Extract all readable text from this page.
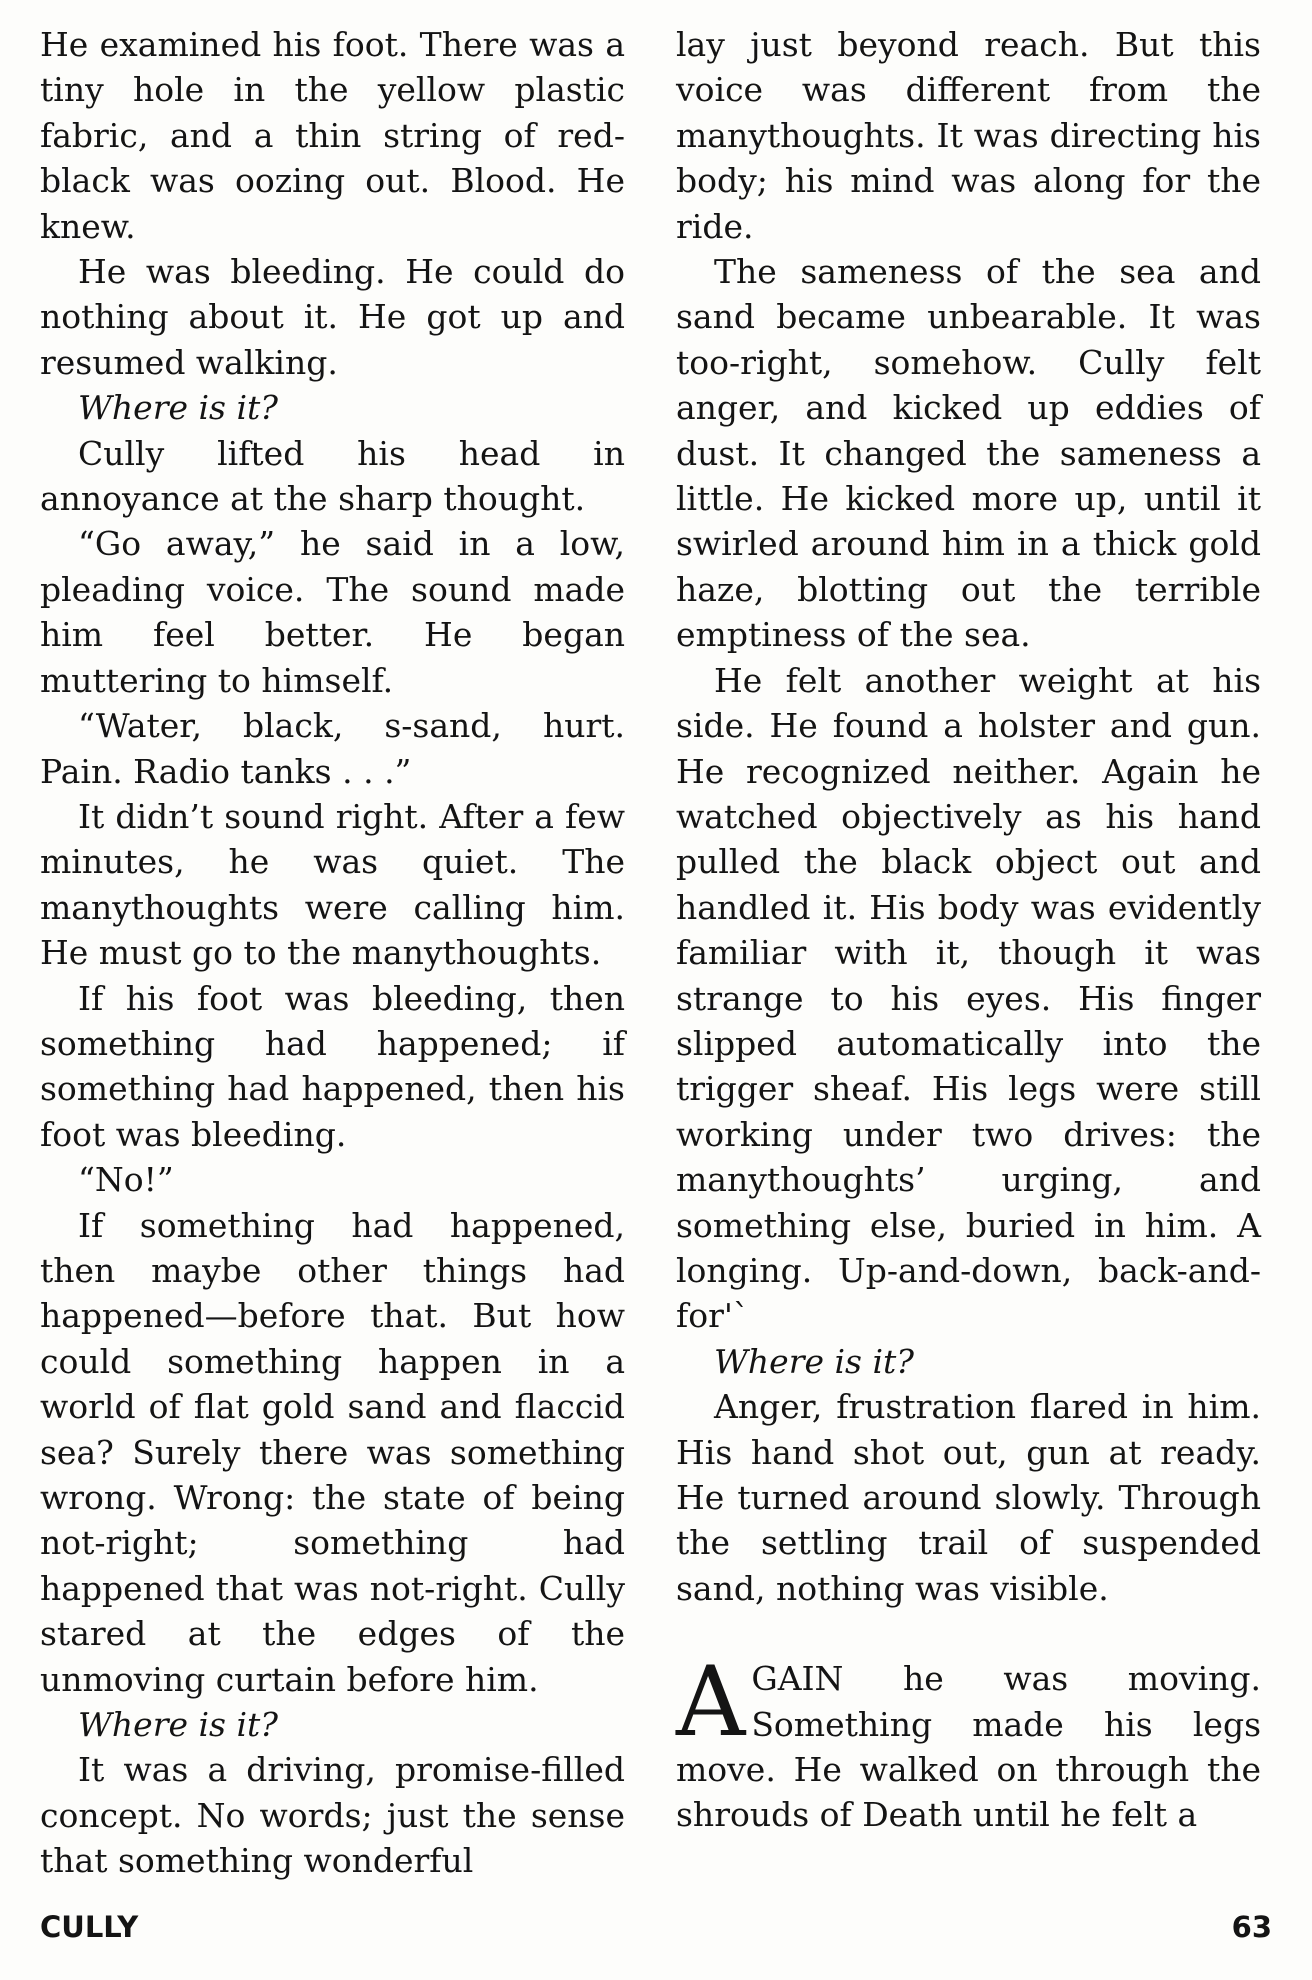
He examined his foot. There was a tiny hole in the yellow plastic fabric, and a thin string of red-black was oozing out. Blood. He knew.

He was bleeding. He could do nothing about it. He got up and resumed walking.

Where is it?

Cully lifted his head in annoyance at the sharp thought.

“Go away,” he said in a low, pleading voice. The sound made him feel better. He began muttering to himself.

“Water, black, s-sand, hurt. Pain. Radio tanks . . .”

It didn’t sound right. After a few minutes, he was quiet. The manythoughts were calling him. He must go to the manythoughts.

If his foot was bleeding, then something had happened; if something had happened, then his foot was bleeding.

“No!”

If something had happened, then maybe other things had happened—before that. But how could something happen in a world of flat gold sand and flaccid sea? Surely there was something wrong. Wrong: the state of being not-right; something had happened that was not-right. Cully stared at the edges of the unmoving curtain before him.

Where is it?

It was a driving, promise-filled concept. No words; just the sense that something wonderful

lay just beyond reach. But this voice was different from the manythoughts. It was directing his body; his mind was along for the ride.

The sameness of the sea and sand became unbearable. It was too-right, somehow. Cully felt anger, and kicked up eddies of dust. It changed the sameness a little. He kicked more up, until it swirled around him in a thick gold haze, blotting out the terrible emptiness of the sea.

He felt another weight at his side. He found a holster and gun. He recognized neither. Again he watched objectively as his hand pulled the black object out and handled it. His body was evidently familiar with it, though it was strange to his eyes. His finger slipped automatically into the trigger sheaf. His legs were still working under two drives: the manythoughts’ urging, and something else, buried in him. A longing. Up-and-down, back-and-for'`

Where is it?

Anger, frustration flared in him. His hand shot out, gun at ready. He turned around slowly. Through the settling trail of suspended sand, nothing was visible.

AGAIN he was moving. Something made his legs move. He walked on through the shrouds of Death until he felt a

CULLY	63
